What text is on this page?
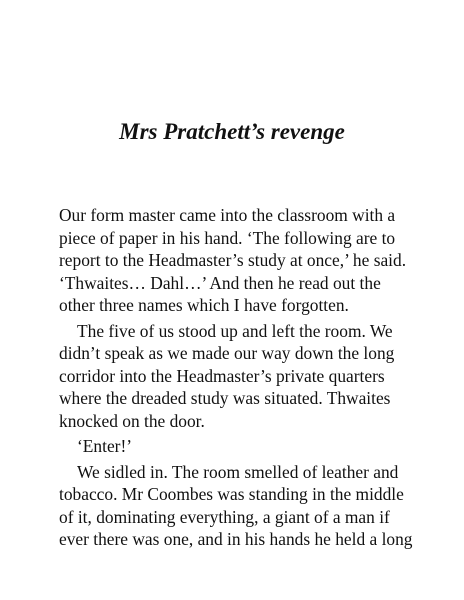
Mrs Pratchett’s revenge
Our form master came into the classroom with a
piece of paper in his hand. ‘The following are to
report to the Headmaster’s study at once,’ he said.
‘Thwaites… Dahl…’ And then he read out the
other three names which I have forgotten.
The five of us stood up and left the room. We
didn’t speak as we made our way down the long
corridor into the Headmaster’s private quarters
where the dreaded study was situated. Thwaites
knocked on the door.
‘Enter!’
We sidled in. The room smelled of leather and
tobacco. Mr Coombes was standing in the middle
of it, dominating everything, a giant of a man if
ever there was one, and in his hands he held a long
